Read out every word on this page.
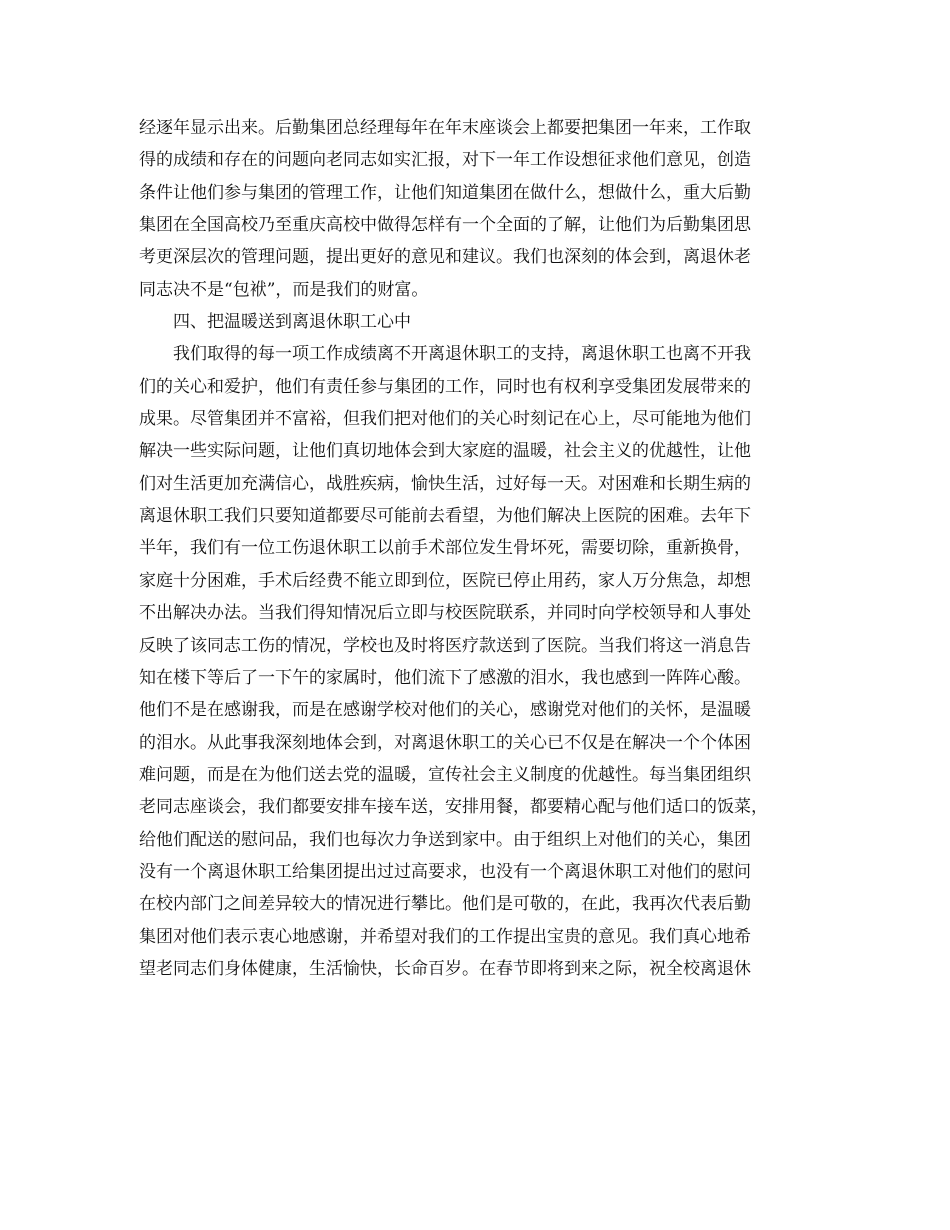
经逐年显示出来。后勤集团总经理每年在年末座谈会上都要把集团一年来，工作取
得的成绩和存在的问题向老同志如实汇报，对下一年工作设想征求他们意见，创造
条件让他们参与集团的管理工作，让他们知道集团在做什么，想做什么，重大后勤
集团在全国高校乃至重庆高校中做得怎样有一个全面的了解，让他们为后勤集团思
考更深层次的管理问题，提出更好的意见和建议。我们也深刻的体会到，离退休老
同志决不是“包袱”，而是我们的财富。
四、把温暖送到离退休职工心中
我们取得的每一项工作成绩离不开离退休职工的支持，离退休职工也离不开我
们的关心和爱护，他们有责任参与集团的工作，同时也有权利享受集团发展带来的
成果。尽管集团并不富裕，但我们把对他们的关心时刻记在心上，尽可能地为他们
解决一些实际问题，让他们真切地体会到大家庭的温暖，社会主义的优越性，让他
们对生活更加充满信心，战胜疾病，愉快生活，过好每一天。对困难和长期生病的
离退休职工我们只要知道都要尽可能前去看望，为他们解决上医院的困难。去年下
半年，我们有一位工伤退休职工以前手术部位发生骨坏死，需要切除，重新换骨，
家庭十分困难，手术后经费不能立即到位，医院已停止用药，家人万分焦急，却想
不出解决办法。当我们得知情况后立即与校医院联系，并同时向学校领导和人事处
反映了该同志工伤的情况，学校也及时将医疗款送到了医院。当我们将这一消息告
知在楼下等后了一下午的家属时，他们流下了感激的泪水，我也感到一阵阵心酸。
他们不是在感谢我，而是在感谢学校对他们的关心，感谢党对他们的关怀，是温暖
的泪水。从此事我深刻地体会到，对离退休职工的关心已不仅是在解决一个个体困
难问题，而是在为他们送去党的温暖，宣传社会主义制度的优越性。每当集团组织
老同志座谈会，我们都要安排车接车送，安排用餐，都要精心配与他们适口的饭菜，
给他们配送的慰问品，我们也每次力争送到家中。由于组织上对他们的关心，集团
没有一个离退休职工给集团提出过过高要求，也没有一个离退休职工对他们的慰问
在校内部门之间差异较大的情况进行攀比。他们是可敬的，在此，我再次代表后勤
集团对他们表示衷心地感谢，并希望对我们的工作提出宝贵的意见。我们真心地希
望老同志们身体健康，生活愉快，长命百岁。在春节即将到来之际，祝全校离退休
